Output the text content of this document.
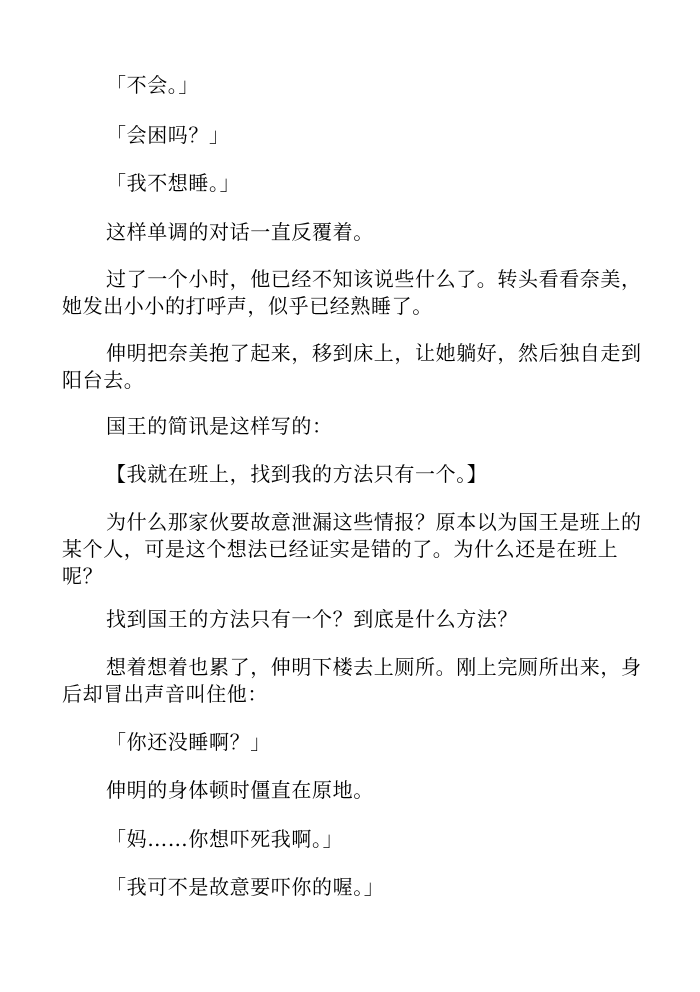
「不会。」

「会困吗？」

「我不想睡。」

这样单调的对话一直反覆着。

过了一个小时，他已经不知该说些什么了。转头看看奈美，她发出小小的打呼声，似乎已经熟睡了。

伸明把奈美抱了起来，移到床上，让她躺好，然后独自走到阳台去。

国王的简讯是这样写的：

【我就在班上，找到我的方法只有一个。】

为什么那家伙要故意泄漏这些情报？原本以为国王是班上的某个人，可是这个想法已经证实是错的了。为什么还是在班上呢？

找到国王的方法只有一个？到底是什么方法？

想着想着也累了，伸明下楼去上厕所。刚上完厕所出来，身后却冒出声音叫住他：

「你还没睡啊？」

伸明的身体顿时僵直在原地。

「妈……你想吓死我啊。」

「我可不是故意要吓你的喔。」
